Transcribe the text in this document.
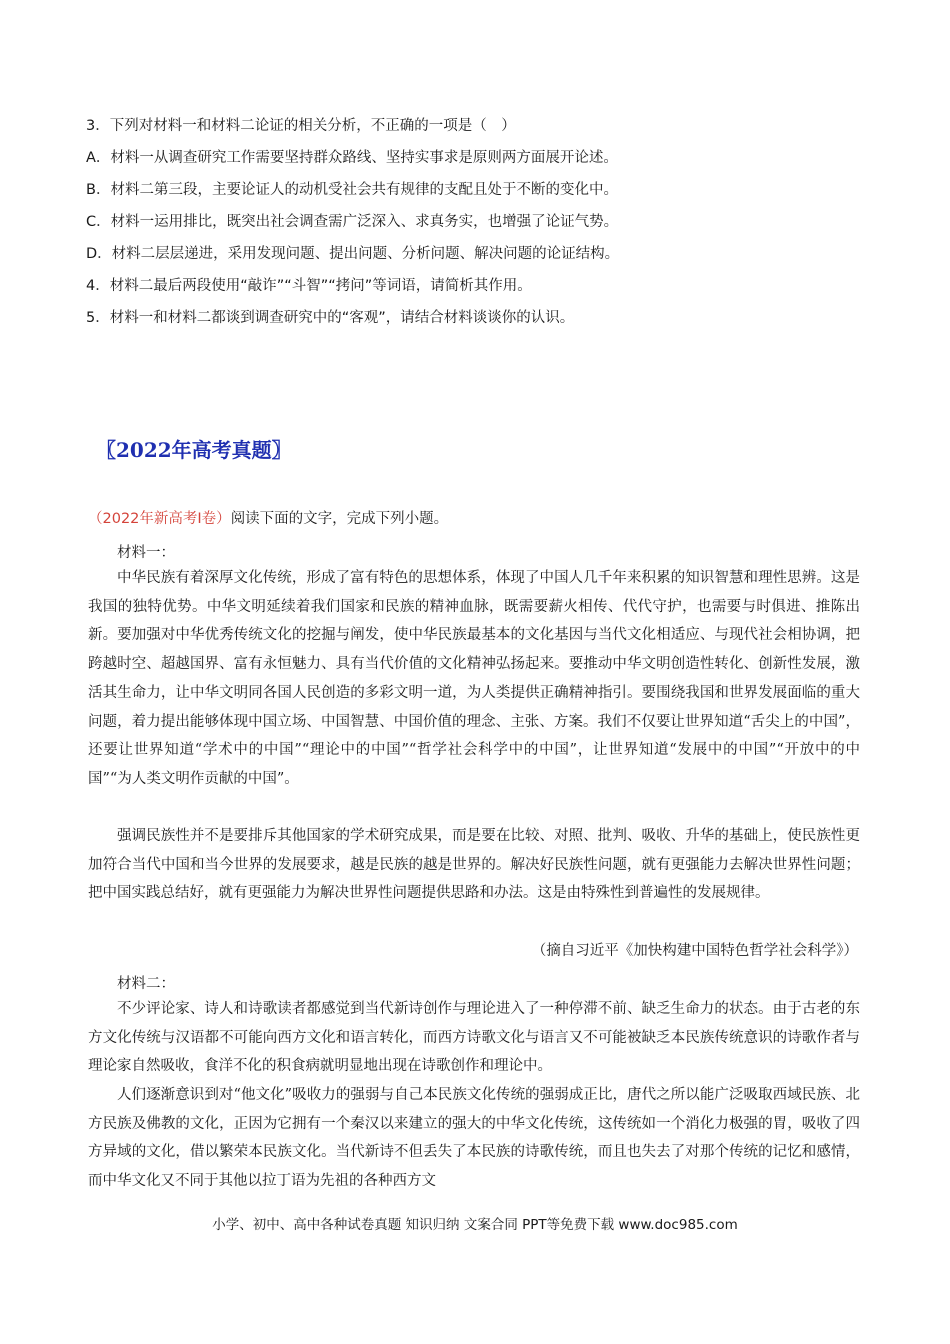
3．下列对材料一和材料二论证的相关分析，不正确的一项是（　）
A．材料一从调查研究工作需要坚持群众路线、坚持实事求是原则两方面展开论述。
B．材料二第三段，主要论证人的动机受社会共有规律的支配且处于不断的变化中。
C．材料一运用排比，既突出社会调查需广泛深入、求真务实，也增强了论证气势。
D．材料二层层递进，采用发现问题、提出问题、分析问题、解决问题的论证结构。
4．材料二最后两段使用“敲诈”“斗智”“拷问”等词语，请简析其作用。
5．材料一和材料二都谈到调查研究中的“客观”，请结合材料谈谈你的认识。
〖2022年高考真题〗
（2022年新高考Ⅰ卷）阅读下面的文字，完成下列小题。
材料一：

中华民族有着深厚文化传统，形成了富有特色的思想体系，体现了中国人几千年来积累的知识智慧和理性思辨。这是我国的独特优势。中华文明延续着我们国家和民族的精神血脉，既需要薪火相传、代代守护，也需要与时俱进、推陈出新。要加强对中华优秀传统文化的挖掘与阐发，使中华民族最基本的文化基因与当代文化相适应、与现代社会相协调，把跨越时空、超越国界、富有永恒魅力、具有当代价值的文化精神弘扬起来。要推动中华文明创造性转化、创新性发展，激活其生命力，让中华文明同各国人民创造的多彩文明一道，为人类提供正确精神指引。要围绕我国和世界发展面临的重大问题，着力提出能够体现中国立场、中国智慧、中国价值的理念、主张、方案。我们不仅要让世界知道“舌尖上的中国”，还要让世界知道“学术中的中国”“理论中的中国”“哲学社会科学中的中国”，让世界知道“发展中的中国”“开放中的中国”“为人类文明作贡献的中国”。

强调民族性并不是要排斥其他国家的学术研究成果，而是要在比较、对照、批判、吸收、升华的基础上，使民族性更加符合当代中国和当今世界的发展要求，越是民族的越是世界的。解决好民族性问题，就有更强能力去解决世界性问题；把中国实践总结好，就有更强能力为解决世界性问题提供思路和办法。这是由特殊性到普遍性的发展规律。

（摘自习近平《加快构建中国特色哲学社会科学》）
材料二：

不少评论家、诗人和诗歌读者都感觉到当代新诗创作与理论进入了一种停滞不前、缺乏生命力的状态。由于古老的东方文化传统与汉语都不可能向西方文化和语言转化，而西方诗歌文化与语言又不可能被缺乏本民族传统意识的诗歌作者与理论家自然吸收，食洋不化的积食病就明显地出现在诗歌创作和理论中。

人们逐渐意识到对“他文化”吸收力的强弱与自己本民族文化传统的强弱成正比，唐代之所以能广泛吸取西域民族、北方民族及佛教的文化，正因为它拥有一个秦汉以来建立的强大的中华文化传统，这传统如一个消化力极强的胃，吸收了四方异域的文化，借以繁荣本民族文化。当代新诗不但丢失了本民族的诗歌传统，而且也失去了对那个传统的记忆和感情，而中华文化又不同于其他以拉丁语为先祖的各种西方文

小学、初中、高中各种试卷真题 知识归纳 文案合同 PPT等免费下载 www.doc985.com
